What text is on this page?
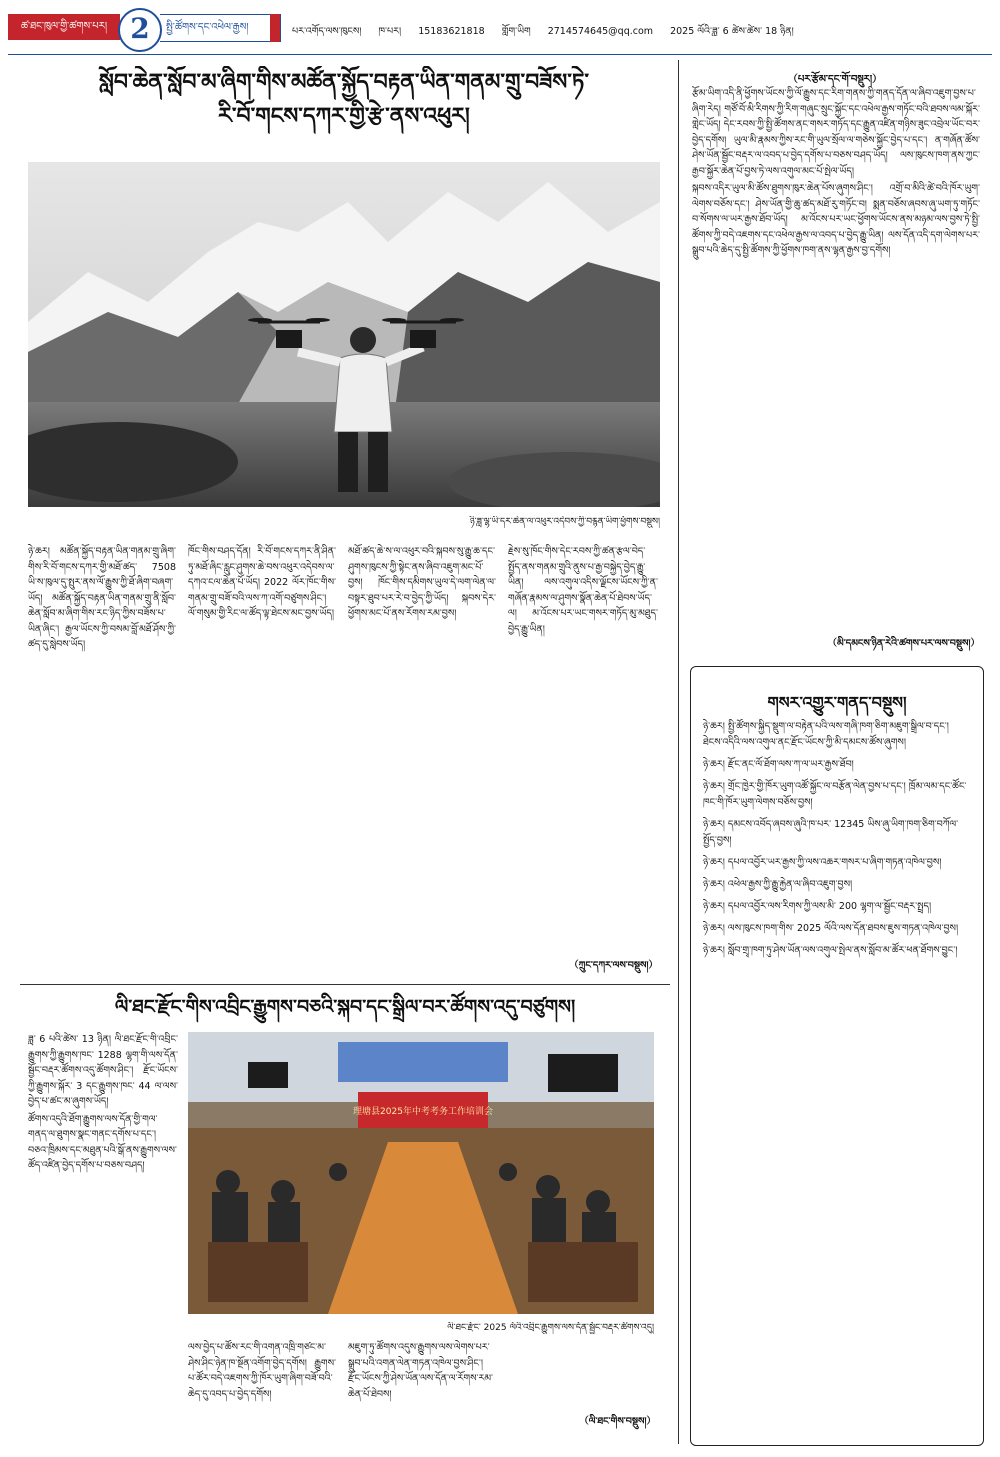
ཚ་ཐང་ཁུལ་གྱི་ཚགས་པར། 2	སྤྱི་ཚོགས་དང་འཕེལ་རྒྱས།	པར་འགོད་ལས་ཁུངས། ཁ་པར། 15183621818 གློག་ཡིག 2714574645@qq.com 2025 ལོའི་ཟླ་ 6 ཚེས་ཚེས་ 18 ཉིན།
སློབ་ཆེན་སློབ་མ་ཞིག་གིས་མཚོན་སྐྱོད་བརྟན་ཡིན་གནམ་གྲུ་བཟོས་ཏེ་
རི་བོ་གངས་དཀར་གྱི་རྩེ་ནས་འཕུར།
ཉི་ཟླ་ལྷ་ཡི་དར་ཆེན་ལ་འཕུར་འདེབས་ཀྱི་བརྙན་ཡིག་ཕྱོགས་བསྡུས།
ཉེ་ཆར། མཚོན་སྐྱོད་བརྟན་ཡིན་གནམ་གྲུ་ཞིག་གིས་རི་བོ་གངས་དཀར་གྱི་མཐོ་ཚད་ 7508 ཡི་ས་ཁུལ་དུ་སྤུར་ནས་ལོ་རྒྱུས་ཀྱི་ཐོ་ཞིག་བཞག་ཡོད། མཚོན་སྐྱོད་བརྟན་ཡིན་གནམ་གྲུ་ནི་སློབ་ཆེན་སློབ་མ་ཞིག་གིས་རང་ཉིད་ཀྱིས་བཟོས་པ་ཡིན་ཞིང་། རྒྱལ་ཡོངས་ཀྱི་བསམ་བློ་མཐོ་ཤོས་ཀྱི་ཚད་དུ་སླེབས་ཡོད།
ཁོང་གིས་བཤད་དོན། རི་བོ་གངས་དཀར་ནི་ཤིན་ཏུ་མཐོ་ཞིང་རླུང་ཤུགས་ཆེ་བས་འཕུར་འདེབས་ལ་དཀའ་ངལ་ཆེན་པོ་ཡོད། 2022 ལོར་ཁོང་གིས་གནམ་གྲུ་བཟོ་བའི་ལས་ཀ་འགོ་བཙུགས་ཤིང་། ལོ་གསུམ་གྱི་རིང་ལ་ཚོད་ལྟ་ཐེངས་མང་བྱས་ཡོད།
མཐོ་ཚད་ཆེ་ས་ལ་འཕུར་བའི་སྐབས་སུ་རྒྱུ་ཆ་དང་ཤུགས་ཁུངས་ཀྱི་སྟེང་ནས་ཞིབ་འཇུག་མང་པོ་བྱས། ཁོང་གིས་དམིགས་ཡུལ་དེ་ལག་ལེན་ལ་བསྟར་ཐུབ་པར་རེ་བ་བྱེད་ཀྱི་ཡོད། སྐབས་དེར་ཕྱོགས་མང་པོ་ནས་རོགས་རམ་བྱས།
རྗེས་སུ་ཁོང་གིས་དེང་རབས་ཀྱི་ཚན་རྩལ་བེད་སྤྱོད་ནས་གནམ་གྲུའི་ནུས་པ་རྒྱ་བསྐྱེད་བྱེད་རྒྱུ་ཡིན། ལས་འགུལ་འདིས་ལྗོངས་ཡོངས་ཀྱི་ན་གཞོན་རྣམས་ལ་ཤུགས་སྣོན་ཆེན་པོ་ཐེབས་ཡོད་ལ། མ་འོངས་པར་ཡང་གསར་གཏོད་མུ་མཐུད་བྱེད་རྒྱུ་ཡིན།
（ཀྲུང་དཀར་ལས་བསྡུས།）
ལི་ཐང་རྫོང་གིས་འབྲིང་རྒྱུགས་བཅའི་སྐབ་དང་སྒྲིལ་བར་ཚོགས་འདུ་བཙུགས།

ཟླ་ 6 པའི་ཚེས་ 13 ཉིན། ལི་ཐང་རྫོང་གི་འབྲིང་རྒྱུགས་ཀྱི་རྒྱུགས་ཁང་ 1288 ལྷག་གི་ལས་དོན་སྦྱོང་བརྡར་ཚོགས་འདུ་ཚོགས་ཤིང་། རྫོང་ཡོངས་ཀྱི་རྒྱུགས་སྐོར་ 3 དང་རྒྱུགས་ཁང་ 44 ལ་ལས་བྱེད་པ་ཚང་མ་ཞུགས་ཡོད།

ཚོགས་འདུའི་ཐོག་རྒྱུགས་ལས་དོན་གྱི་གལ་གནད་ལ་ཐུགས་སྣང་གནང་དགོས་པ་དང་། བཅའ་ཁྲིམས་དང་མཐུན་པའི་སྒོ་ནས་རྒྱུགས་ལས་ཚོད་འཛིན་བྱེད་དགོས་པ་བཅས་བཤད།

理塘县2025年中考考务工作培训会
ལི་ཐང་རྫོང་ 2025 ལོའི་འབྲིང་རྒྱུགས་ལས་དོན་སྦྱོང་བརྡར་ཚོགས་འདུ།
ལས་བྱེད་པ་ཚོས་རང་གི་འགན་འཁྲི་གཙང་མ་ཤེས་ཤིང་ཉེན་ཁ་སྔོན་འགོག་བྱེད་དགོས། རྒྱུགས་པ་ཚོར་བདེ་འཇགས་ཀྱི་ཁོར་ཡུག་ཞིག་བཟོ་བའི་ཆེད་དུ་འབད་པ་བྱེད་དགོས།
མཇུག་ཏུ་ཚོགས་འདུས་རྒྱུགས་ལས་ལེགས་པར་སྒྲུབ་པའི་འགན་ལེན་གཏན་འཁེལ་བྱས་ཤིང་། རྫོང་ཡོངས་ཀྱི་ཤེས་ཡོན་ལས་དོན་ལ་རོགས་རམ་ཆེན་པོ་ཐེབས།
（ལི་ཐང་གིས་བསྡུས།）
（པར་རྩོམ་དང་གོ་བསྡུར།）

རྩོམ་ཡིག་འདི་ནི་ཕྱོགས་ཡོངས་ཀྱི་ལོ་རྒྱུས་དང་རིག་གནས་ཀྱི་གནད་དོན་ལ་ཞིབ་འཇུག་བྱས་པ་ཞིག་རེད། གཙོ་བོ་མི་རིགས་ཀྱི་རིག་གཞུང་སྲུང་སྐྱོང་དང་འཕེལ་རྒྱས་གཏོང་བའི་ཐབས་ལམ་སྐོར་གླེང་ཡོད། དེང་རབས་ཀྱི་སྤྱི་ཚོགས་ནང་གསར་གཏོད་དང་རྒྱུན་འཛིན་གཉིས་ཟུང་འབྲེལ་ཡོང་བར་བྱེད་དགོས། ཡུལ་མི་རྣམས་ཀྱིས་རང་གི་ཡུལ་སྲོལ་ལ་གཅེས་སྐྱོང་བྱེད་པ་དང་། ན་གཞོན་ཚོས་ཤེས་ཡོན་སྦྱོང་བརྡར་ལ་འབད་པ་བྱེད་དགོས་པ་བཅས་བཤད་ཡོད། ལས་ཁུངས་ཁག་ནས་ཀྱང་རྒྱབ་སྐྱོར་ཆེན་པོ་བྱས་ཏེ་ལས་འགུལ་མང་པོ་སྤེལ་ཡོད།

སྐབས་འདིར་ཡུལ་མི་ཚོས་ཐུགས་ཁུར་ཆེན་པོས་ཞུགས་ཤིང་། འགྲོ་བ་མིའི་ཚེ་བའི་ཁོར་ཡུག་ལེགས་བཅོས་དང་། ཤེས་ཡོན་གྱི་ཆུ་ཚད་མཐོ་རུ་གཏོང་བ། སྨན་བཅོས་ཞབས་ཞུ་ཡག་ཏུ་གཏོང་བ་སོགས་ལ་ཡར་རྒྱས་ཐོབ་ཡོད། མ་འོངས་པར་ཡང་ཕྱོགས་ཡོངས་ནས་མཉམ་ལས་བྱས་ཏེ་སྤྱི་ཚོགས་ཀྱི་བདེ་འཇགས་དང་འཕེལ་རྒྱས་ལ་འབད་པ་བྱེད་རྒྱུ་ཡིན། ལས་དོན་འདི་དག་ལེགས་པར་སྒྲུབ་པའི་ཆེད་དུ་སྤྱི་ཚོགས་ཀྱི་ཕྱོགས་ཁག་ནས་ལྷན་རྒྱས་བྱ་དགོས།

（མི་དམངས་ཉིན་རེའི་ཚགས་པར་ལས་བསྡུས།）
གསར་འགྱུར་གནད་བསྡུས།
ཉེ་ཆར། སྤྱི་ཚོགས་སྐྱིད་སྡུག་ལ་བརྟེན་པའི་ལས་གཞི་ཁག་ཅིག་མཇུག་སྒྲིལ་བ་དང་། ཐེངས་འདིའི་ལས་འགུལ་ནང་རྫོང་ཡོངས་ཀྱི་མི་དམངས་ཚོས་ཞུགས།
ཉེ་ཆར། རྫོང་ནང་ལོ་ཐོག་ལས་ཀ་ལ་ཡར་རྒྱས་ཐོབ།
ཉེ་ཆར། གྲོང་ཁྱེར་གྱི་ཁོར་ཡུག་འཚོ་སྐྱོང་ལ་བརྩོན་ལེན་བྱས་པ་དང་། ཁྲོམ་ལམ་དང་ཚོང་ཁང་གི་ཁོར་ཡུག་ལེགས་བཅོས་བྱས།
ཉེ་ཆར། དམངས་འབོད་ཞབས་ཞུའི་ཁ་པར་ 12345 ཡིས་ཞུ་ཡིག་ཁག་ཅིག་བཀོལ་སྤྱོད་བྱས།
ཉེ་ཆར། དཔལ་འབྱོར་ཡར་རྒྱས་ཀྱི་ལས་འཆར་གསར་པ་ཞིག་གཏན་འཁེལ་བྱས།
ཉེ་ཆར། འཕེལ་རྒྱས་ཀྱི་རྒྱུ་རྐྱེན་ལ་ཞིབ་འཇུག་བྱས།
ཉེ་ཆར། དཔལ་འབྱོར་ལས་རིགས་ཀྱི་ལས་མི་ 200 ལྷག་ལ་སྦྱོང་བརྡར་སྤྲད།
ཉེ་ཆར། ལས་ཁུངས་ཁག་གིས་ 2025 ལོའི་ལས་དོན་ཐབས་ཇུས་གཏན་འཁེལ་བྱས།
ཉེ་ཆར། སློབ་གྲྭ་ཁག་ཏུ་ཤེས་ཡོན་ལས་འགུལ་སྤེལ་ནས་སློབ་མ་ཚོར་ཕན་ཐོགས་བྱུང་།
